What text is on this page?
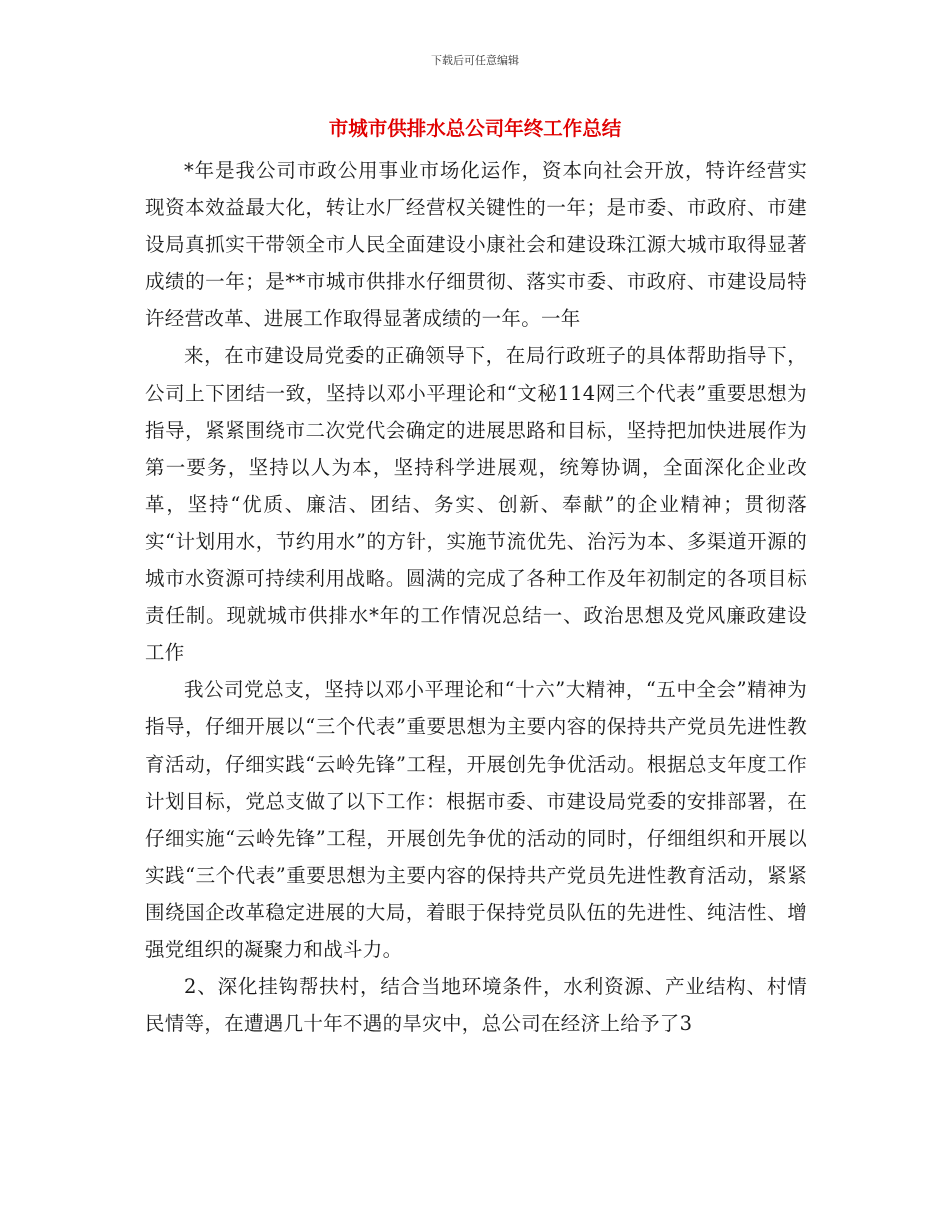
下载后可任意编辑

市城市供排水总公司年终工作总结

*年是我公司市政公用事业市场化运作，资本向社会开放，特许经营实现资本效益最大化，转让水厂经营权关键性的一年；是市委、市政府、市建设局真抓实干带领全市人民全面建设小康社会和建设珠江源大城市取得显著成绩的一年；是**市城市供排水仔细贯彻、落实市委、市政府、市建设局特许经营改革、进展工作取得显著成绩的一年。一年

来，在市建设局党委的正确领导下，在局行政班子的具体帮助指导下，公司上下团结一致，坚持以邓小平理论和“文秘114网三个代表”重要思想为指导，紧紧围绕市二次党代会确定的进展思路和目标，坚持把加快进展作为第一要务，坚持以人为本，坚持科学进展观，统筹协调，全面深化企业改革，坚持“优质、廉洁、团结、务实、创新、奉献”的企业精神；贯彻落实“计划用水，节约用水”的方针，实施节流优先、治污为本、多渠道开源的城市水资源可持续利用战略。圆满的完成了各种工作及年初制定的各项目标责任制。现就城市供排水*年的工作情况总结一、政治思想及党风廉政建设工作

我公司党总支，坚持以邓小平理论和“十六”大精神，“五中全会”精神为指导，仔细开展以“三个代表”重要思想为主要内容的保持共产党员先进性教育活动，仔细实践“云岭先锋”工程，开展创先争优活动。根据总支年度工作计划目标，党总支做了以下工作：根据市委、市建设局党委的安排部署，在仔细实施“云岭先锋”工程，开展创先争优的活动的同时，仔细组织和开展以实践“三个代表”重要思想为主要内容的保持共产党员先进性教育活动，紧紧围绕国企改革稳定进展的大局，着眼于保持党员队伍的先进性、纯洁性、增强党组织的凝聚力和战斗力。

2、深化挂钩帮扶村，结合当地环境条件，水利资源、产业结构、村情民情等，在遭遇几十年不遇的旱灾中，总公司在经济上给予了3
